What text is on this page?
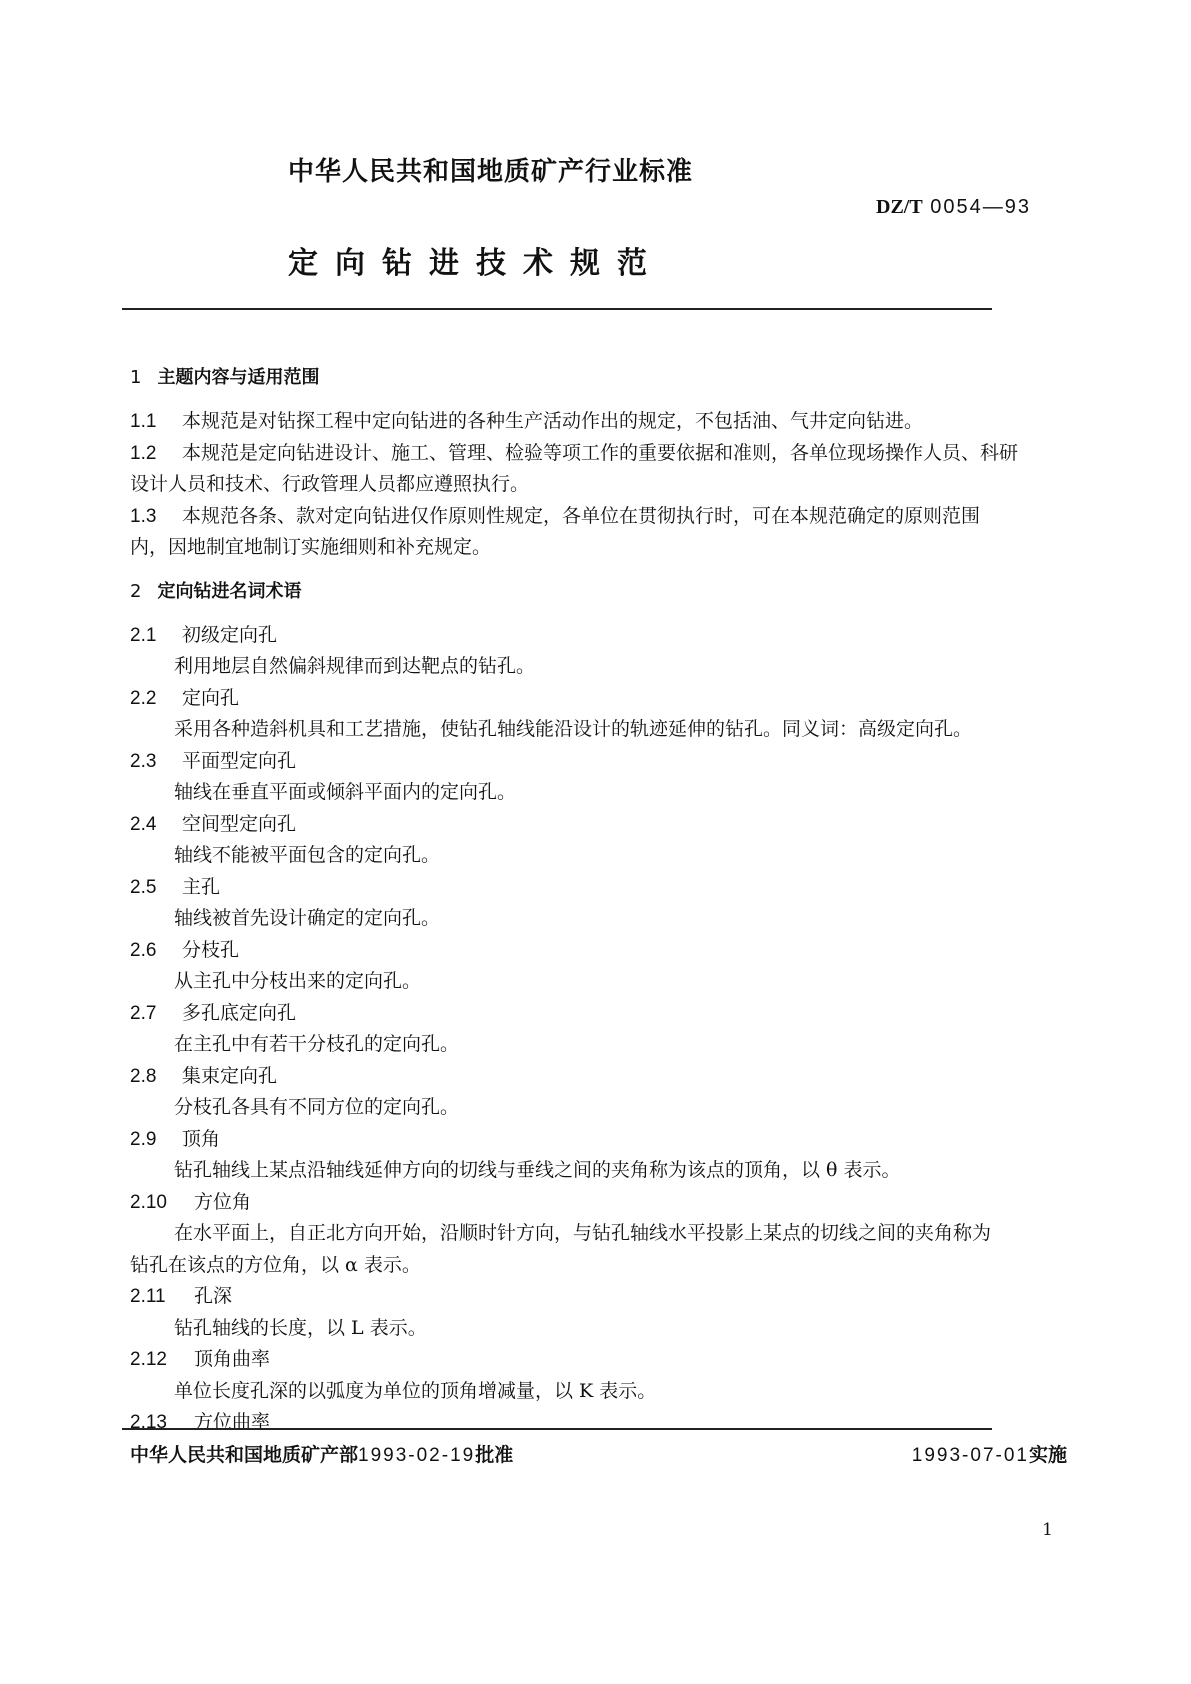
中华人民共和国地质矿产行业标准
DZ/T 0054—93
定向钻进技术规范
1 主题内容与适用范围
1.1 本规范是对钻探工程中定向钻进的各种生产活动作出的规定，不包括油、气井定向钻进。
1.2 本规范是定向钻进设计、施工、管理、检验等项工作的重要依据和准则，各单位现场操作人员、科研
设计人员和技术、行政管理人员都应遵照执行。
1.3 本规范各条、款对定向钻进仅作原则性规定，各单位在贯彻执行时，可在本规范确定的原则范围
内，因地制宜地制订实施细则和补充规定。
2 定向钻进名词术语
2.1 初级定向孔
利用地层自然偏斜规律而到达靶点的钻孔。
2.2 定向孔
采用各种造斜机具和工艺措施，使钻孔轴线能沿设计的轨迹延伸的钻孔。同义词：高级定向孔。
2.3 平面型定向孔
轴线在垂直平面或倾斜平面内的定向孔。
2.4 空间型定向孔
轴线不能被平面包含的定向孔。
2.5 主孔
轴线被首先设计确定的定向孔。
2.6 分枝孔
从主孔中分枝出来的定向孔。
2.7 多孔底定向孔
在主孔中有若干分枝孔的定向孔。
2.8 集束定向孔
分枝孔各具有不同方位的定向孔。
2.9 顶角
钻孔轴线上某点沿轴线延伸方向的切线与垂线之间的夹角称为该点的顶角，以 θ 表示。
2.10 方位角
在水平面上，自正北方向开始，沿顺时针方向，与钻孔轴线水平投影上某点的切线之间的夹角称为
钻孔在该点的方位角，以 α 表示。
2.11 孔深
钻孔轴线的长度，以 L 表示。
2.12 顶角曲率
单位长度孔深的以弧度为单位的顶角增减量，以 K 表示。
2.13 方位曲率
中华人民共和国地质矿产部1993-02-19批准	1993-07-01实施
1
